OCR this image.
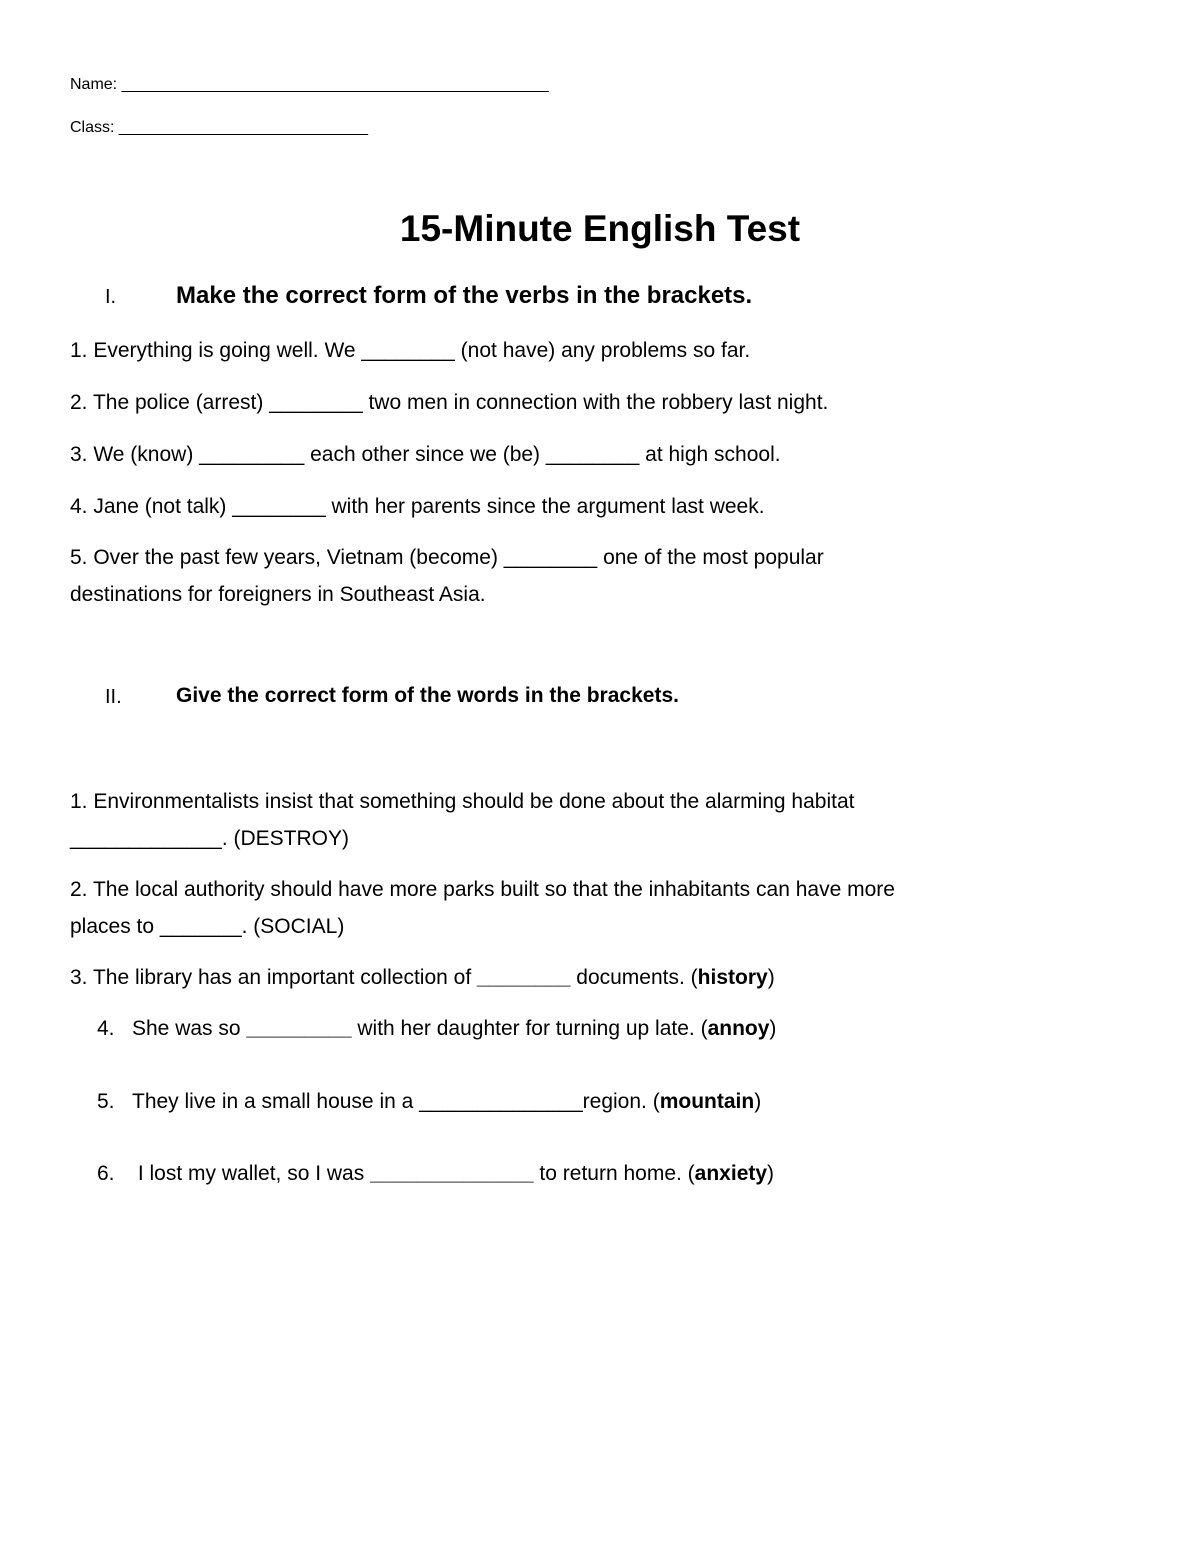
Name: ________________________________________________
Class: ____________________________
15-Minute English Test
I. Make the correct form of the verbs in the brackets.
1. Everything is going well. We ________ (not have) any problems so far.
2. The police (arrest) ________ two men in connection with the robbery last night.
3. We (know) _________ each other since we (be) ________ at high school.
4. Jane (not talk) ________ with her parents since the argument last week.
5. Over the past few years, Vietnam (become) ________ one of the most popular
destinations for foreigners in Southeast Asia.
II.	Give the correct form of the words in the brackets.
1. Environmentalists insist that something should be done about the alarming habitat
_____________. (DESTROY)
2. The local authority should have more parks built so that the inhabitants can have more
places to _______. (SOCIAL)
3. The library has an important collection of ________ documents. (history)
4. She was so _________ with her daughter for turning up late. (annoy)
5. They live in a small house in a ______________region. (mountain)
6. I lost my wallet, so I was ______________ to return home. (anxiety)
